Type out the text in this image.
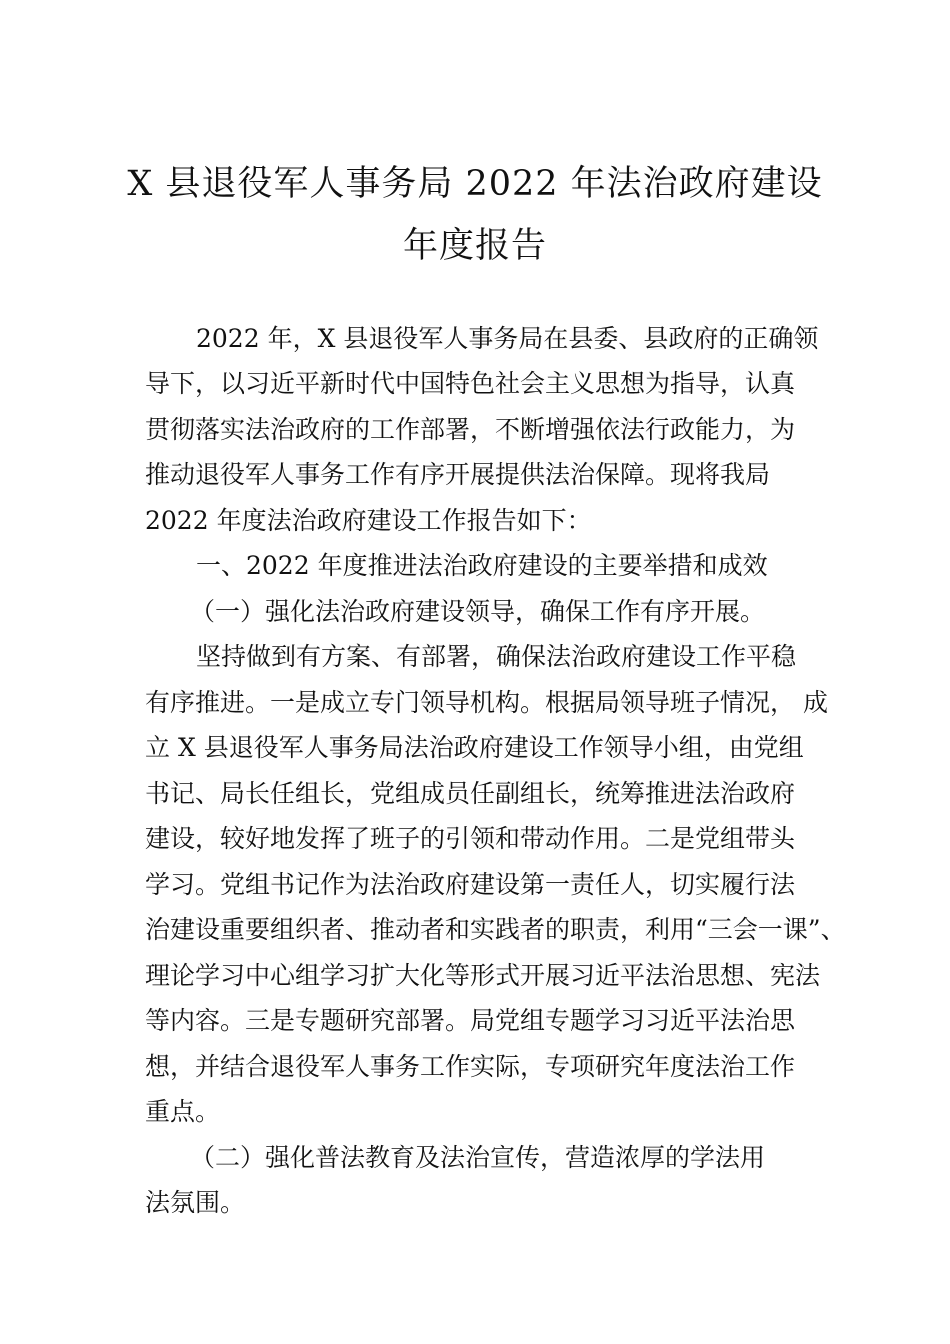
X 县退役军人事务局 2022 年法治政府建设
年度报告
2022 年，X 县退役军人事务局在县委、县政府的正确领
导下，以习近平新时代中国特色社会主义思想为指导，认真
贯彻落实法治政府的工作部署，不断增强依法行政能力，为
推动退役军人事务工作有序开展提供法治保障。现将我局
2022 年度法治政府建设工作报告如下：
一、2022 年度推进法治政府建设的主要举措和成效
（一）强化法治政府建设领导，确保工作有序开展。
坚持做到有方案、有部署，确保法治政府建设工作平稳
有序推进。一是成立专门领导机构。根据局领导班子情况， 成
立 X 县退役军人事务局法治政府建设工作领导小组，由党组
书记、局长任组长，党组成员任副组长，统筹推进法治政府
建设，较好地发挥了班子的引领和带动作用。二是党组带头
学习。党组书记作为法治政府建设第一责任人，切实履行法
治建设重要组织者、推动者和实践者的职责，利用“三会一课”、
理论学习中心组学习扩大化等形式开展习近平法治思想、宪法
等内容。三是专题研究部署。局党组专题学习习近平法治思
想，并结合退役军人事务工作实际，专项研究年度法治工作
重点。
（二）强化普法教育及法治宣传，营造浓厚的学法用
法氛围。
